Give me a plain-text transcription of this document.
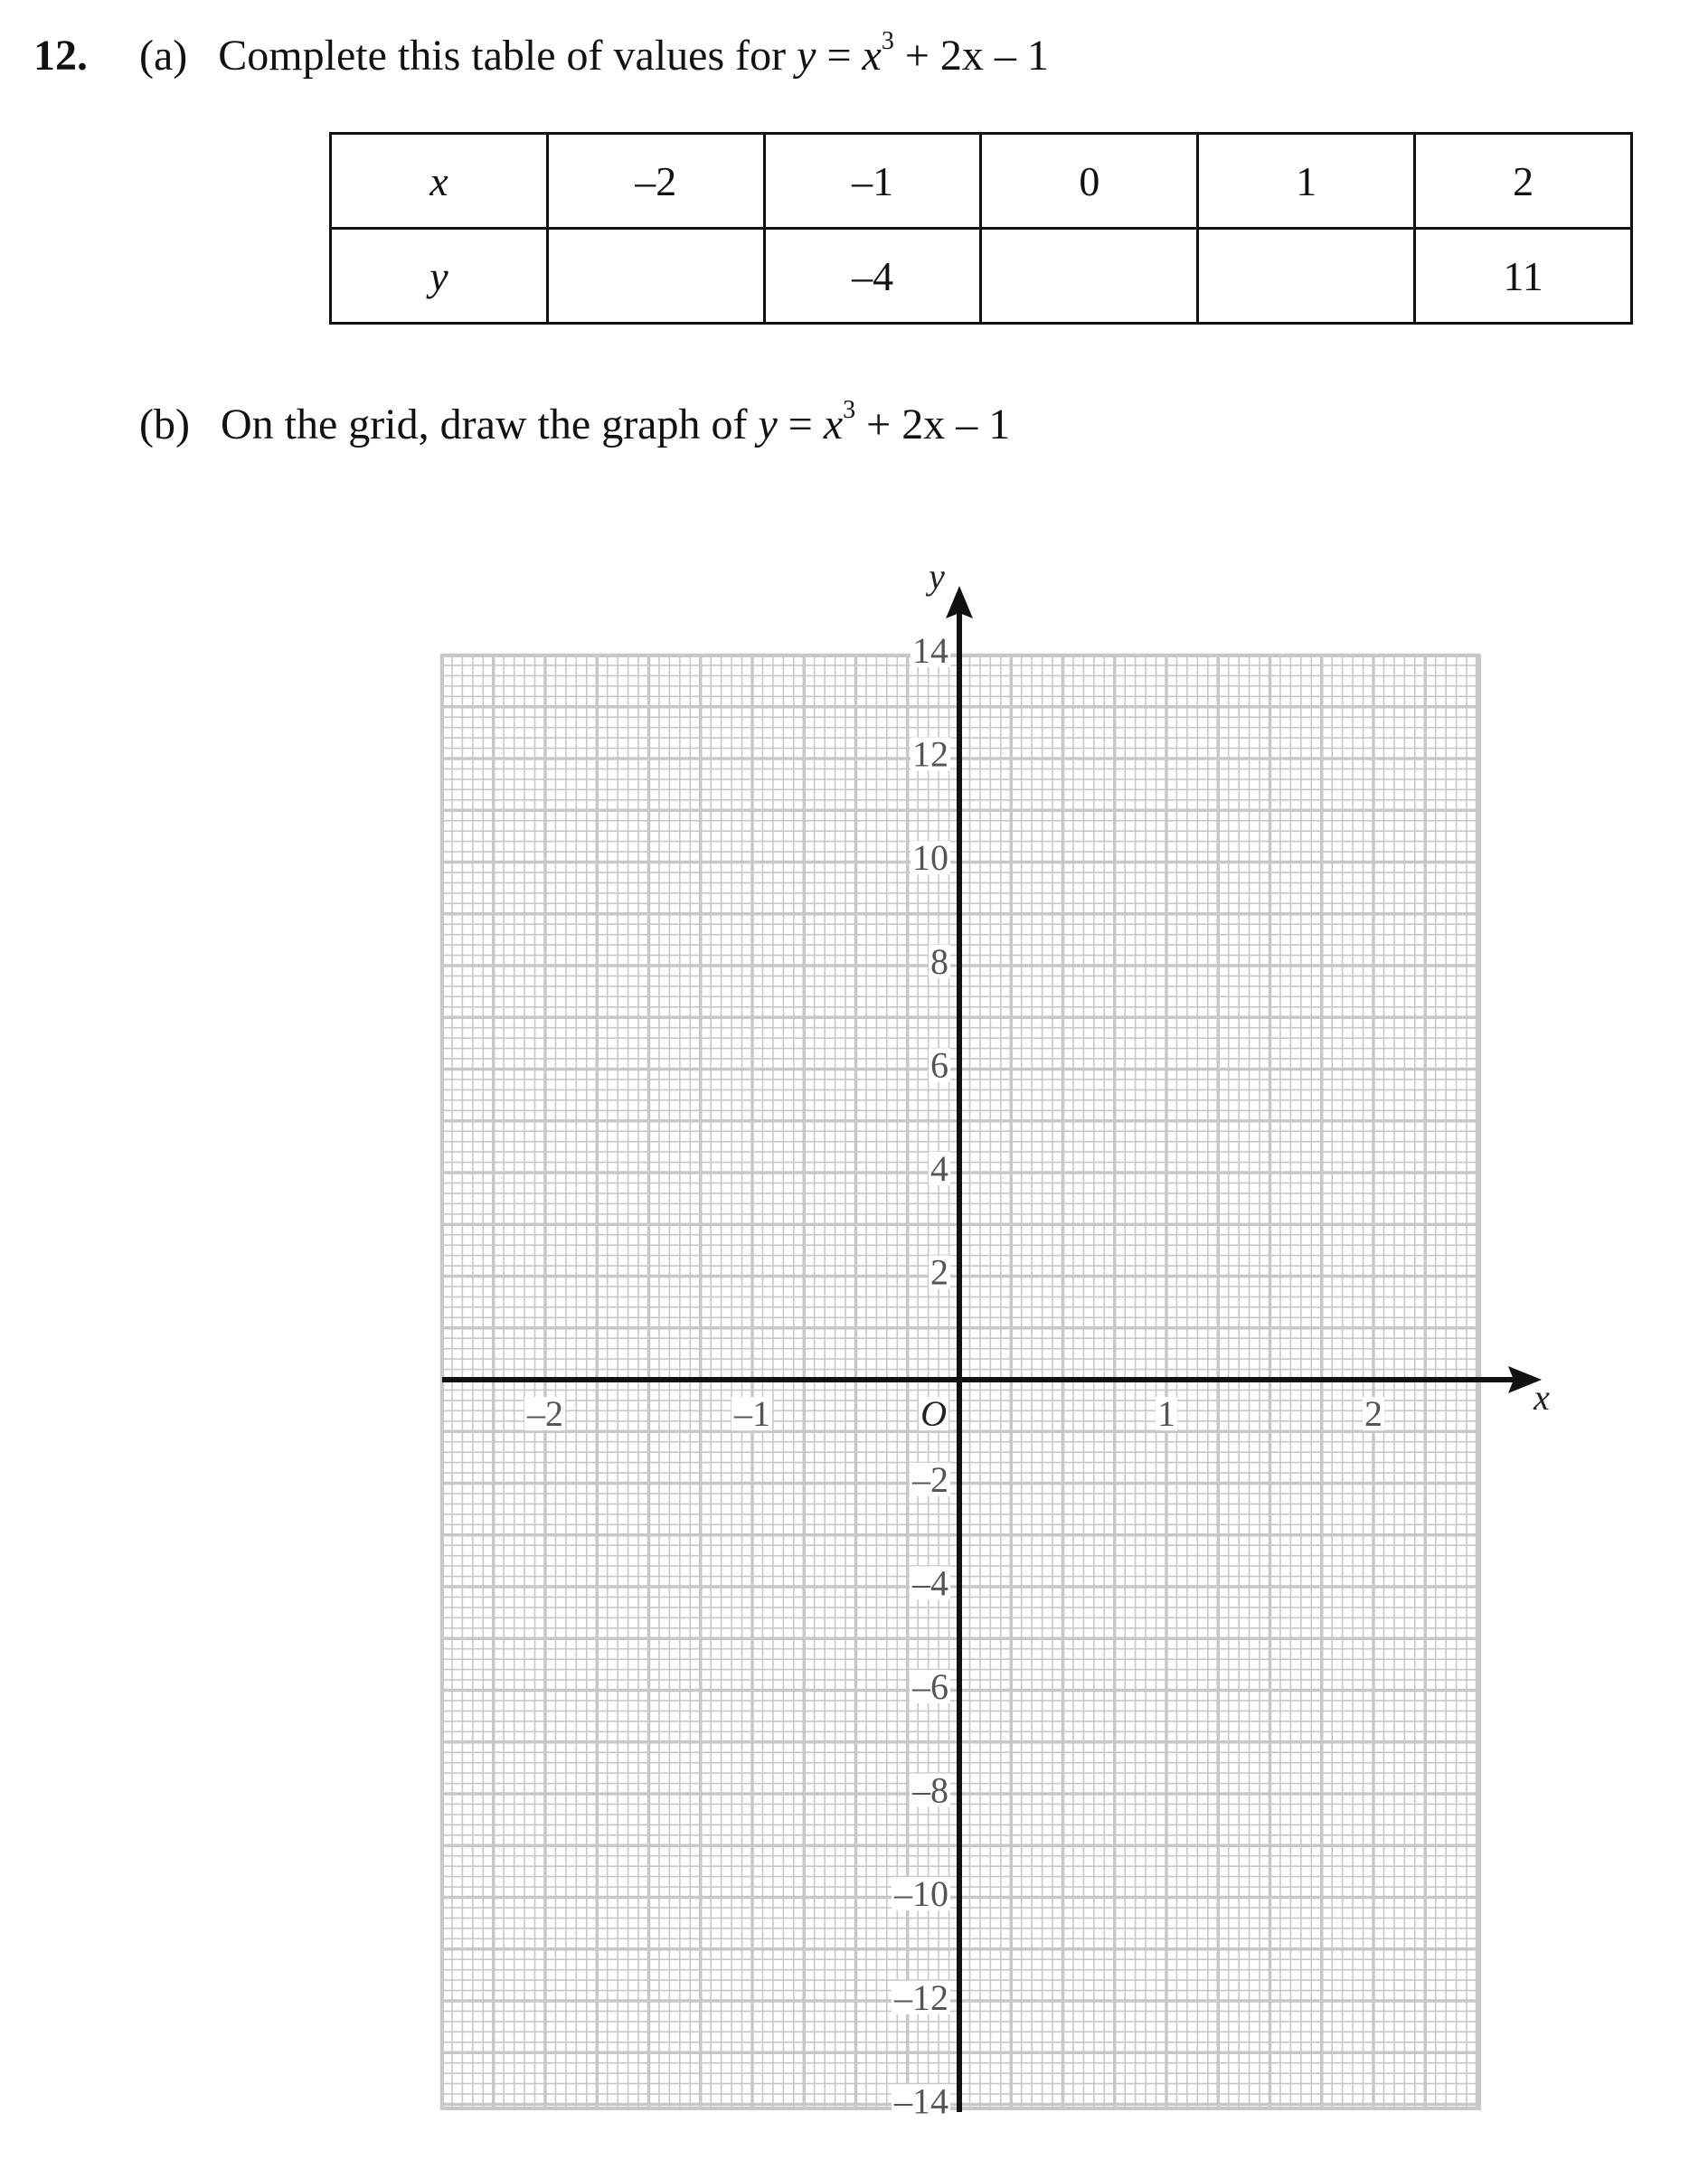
12. (a) Complete this table of values for $y = x^3 + 2x - 1$
x	–2	–1	0	1	2
y		–4			11
(b) On the grid, draw the graph of $y = x^3 + 2x - 1$
14
12
10
8
6
4
2
–2
–4
–6
–8
–10
–12
–14
–2	–1	1	2
O	x
y
